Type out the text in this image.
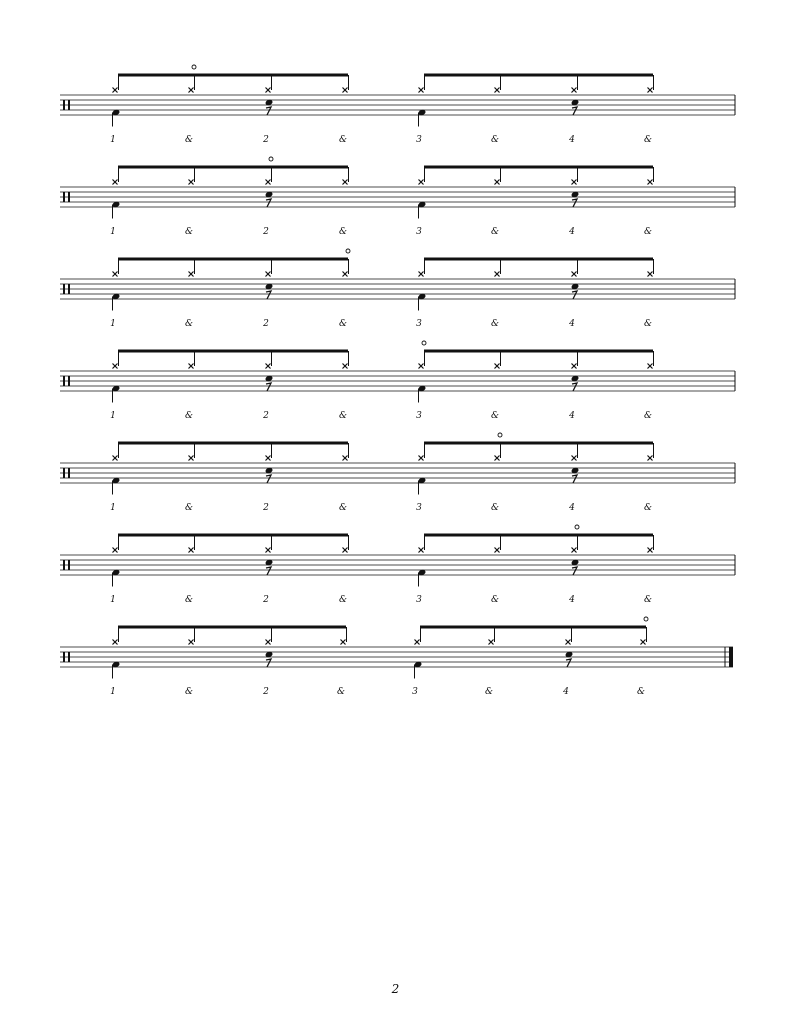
1	&	2	&	3	&	4	&
1	&	2	&	3	&	4	&
1	&	2	&	3	&	4	&
1	&	2	&	3	&	4	&
1	&	2	&	3	&	4	&
1	&	2	&	3	&	4	&
1	&	2	&	3	&	4	&
2
